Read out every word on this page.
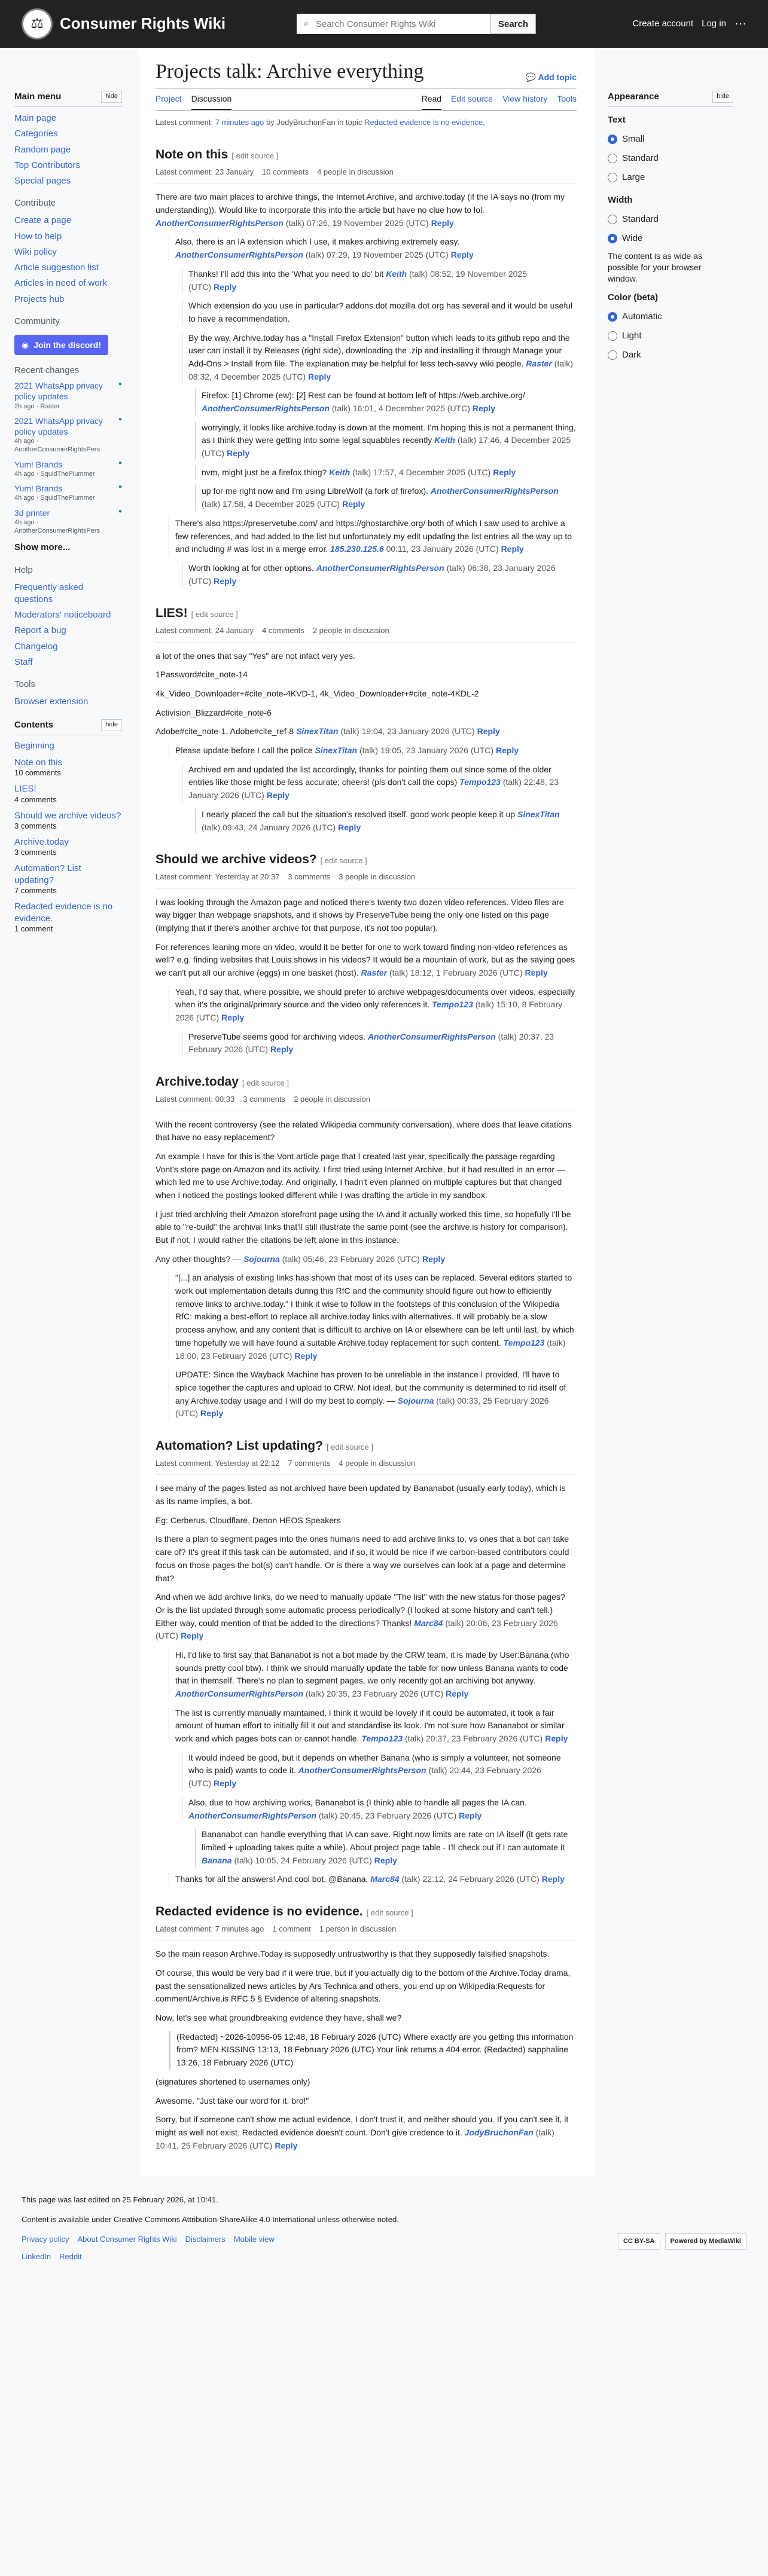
⚖	Consumer Rights Wiki	⌕
Search Consumer Rights Wiki	Search	Create account Log in ⋯
Main menu	hide
Main page
Categories
Random page
Top Contributors
Special pages
Contribute
Create a page
How to help
Wiki policy
Article suggestion list
Articles in need of work
Projects hub
Community
◉ Join the discord!
Recent changes
2021 WhatsApp privacy policy updates
2h ago · Raster
●
2021 WhatsApp privacy policy updates
4h ago · AnotherConsumerRightsPers
●
Yum! Brands
4h ago · SquidThePlummer
●
Yum! Brands
4h ago · SquidThePlummer
●
3d printer
4h ago · AnotherConsumerRightsPers
●
Show more...
Help
Frequently asked questions
Moderators' noticeboard
Report a bug
Changelog
Staff
Tools
Browser extension
Contents	hide
Beginning
Note on this
10 comments
LIES!
4 comments
Should we archive videos?
3 comments
Archive.today
3 comments
Automation? List updating?
7 comments
Redacted evidence is no evidence.
1 comment
Projects talk: Archive everything	💬 Add topic
Project Discussion	Read Edit source View history Tools
Latest comment: 7 minutes ago by JodyBruchonFan in topic Redacted evidence is no evidence.
Note on this [ edit source ]
Latest comment: 23 January 10 comments 4 people in discussion
There are two main places to archive things, the Internet Archive, and archive.today (if the IA says no (from my understanding)). Would like to incorporate this into the article but have no clue how to lol. AnotherConsumerRightsPerson (talk) 07:26, 19 November 2025 (UTC) Reply
Also, there is an IA extension which I use, it makes archiving extremely easy. AnotherConsumerRightsPerson (talk) 07:29, 19 November 2025 (UTC) Reply
Thanks! I'll add this into the 'What you need to do' bit Keith (talk) 08:52, 19 November 2025 (UTC) Reply
Which extension do you use in particular? addons dot mozilla dot org has several and it would be useful to have a recommendation.
By the way, Archive.today has a "Install Firefox Extension" button which leads to its github repo and the user can install it by Releases (right side), downloading the .zip and installing it through Manage your Add-Ons > Install from file. The explanation may be helpful for less tech-savvy wiki people. Raster (talk) 08:32, 4 December 2025 (UTC) Reply
Firefox: [1] Chrome (ew): [2] Rest can be found at bottom left of https://web.archive.org/ AnotherConsumerRightsPerson (talk) 16:01, 4 December 2025 (UTC) Reply
worryingly, it looks like archive.today is down at the moment. I'm hoping this is not a permanent thing, as I think they were getting into some legal squabbles recently Keith (talk) 17:46, 4 December 2025 (UTC) Reply
nvm, might just be a firefox thing? Keith (talk) 17:57, 4 December 2025 (UTC) Reply
up for me right now and I'm using LibreWolf (a fork of firefox). AnotherConsumerRightsPerson (talk) 17:58, 4 December 2025 (UTC) Reply
There's also https://preservetube.com/ and https://ghostarchive.org/ both of which I saw used to archive a few references, and had added to the list but unfortunately my edit updating the list entries all the way up to and including # was lost in a merge error. 185.230.125.6 00:11, 23 January 2026 (UTC) Reply
Worth looking at for other options. AnotherConsumerRightsPerson (talk) 06:38, 23 January 2026 (UTC) Reply
LIES! [ edit source ]
Latest comment: 24 January 4 comments 2 people in discussion
a lot of the ones that say "Yes" are not infact very yes.
1Password#cite_note-14
4k_Video_Downloader+#cite_note-4KVD-1, 4k_Video_Downloader+#cite_note-4KDL-2
Activision_Blizzard#cite_note-6
Adobe#cite_note-1, Adobe#cite_ref-8 SinexTitan (talk) 19:04, 23 January 2026 (UTC) Reply
Please update before I call the police SinexTitan (talk) 19:05, 23 January 2026 (UTC) Reply
Archived em and updated the list accordingly, thanks for pointing them out since some of the older entries like those might be less accurate; cheers! (pls don't call the cops) Tempo123 (talk) 22:48, 23 January 2026 (UTC) Reply
I nearly placed the call but the situation's resolved itself. good work people keep it up SinexTitan (talk) 09:43, 24 January 2026 (UTC) Reply
Should we archive videos? [ edit source ]
Latest comment: Yesterday at 20:37 3 comments 3 people in discussion
I was looking through the Amazon page and noticed there's twenty two dozen video references. Video files are way bigger than webpage snapshots, and it shows by PreserveTube being the only one listed on this page (implying that if there's another archive for that purpose, it's not too popular).
For references leaning more on video, would it be better for one to work toward finding non-video references as well? e.g. finding websites that Louis shows in his videos? It would be a mountain of work, but as the saying goes we can't put all our archive (eggs) in one basket (host). Raster (talk) 18:12, 1 February 2026 (UTC) Reply
Yeah, I'd say that, where possible, we should prefer to archive webpages/documents over videos, especially when it's the original/primary source and the video only references it. Tempo123 (talk) 15:10, 8 February 2026 (UTC) Reply
PreserveTube seems good for archiving videos. AnotherConsumerRightsPerson (talk) 20:37, 23 February 2026 (UTC) Reply
Archive.today [ edit source ]
Latest comment: 00:33 3 comments 2 people in discussion
With the recent controversy (see the related Wikipedia community conversation), where does that leave citations that have no easy replacement?
An example I have for this is the Vont article page that I created last year, specifically the passage regarding Vont's store page on Amazon and its activity. I first tried using Internet Archive, but it had resulted in an error — which led me to use Archive.today. And originally, I hadn't even planned on multiple captures but that changed when I noticed the postings looked different while I was drafting the article in my sandbox.
I just tried archiving their Amazon storefront page using the IA and it actually worked this time, so hopefully I'll be able to "re-build" the archival links that'll still illustrate the same point (see the archive.is history for comparison). But if not, I would rather the citations be left alone in this instance.
Any other thoughts? — Sojourna (talk) 05:46, 23 February 2026 (UTC) Reply
"[...] an analysis of existing links has shown that most of its uses can be replaced. Several editors started to work out implementation details during this RfC and the community should figure out how to efficiently remove links to archive.today." I think it wise to follow in the footsteps of this conclusion of the Wikipedia RfC: making a best-effort to replace all archive.today links with alternatives. It will probably be a slow process anyhow, and any content that is difficult to archive on IA or elsewhere can be left until last, by which time hopefully we will have found a suitable Archive.today replacement for such content. Tempo123 (talk) 18:00, 23 February 2026 (UTC) Reply
UPDATE: Since the Wayback Machine has proven to be unreliable in the instance I provided, I'll have to splice together the captures and upload to CRW. Not ideal, but the community is determined to rid itself of any Archive.today usage and I will do my best to comply. — Sojourna (talk) 00:33, 25 February 2026 (UTC) Reply
Automation? List updating? [ edit source ]
Latest comment: Yesterday at 22:12 7 comments 4 people in discussion
I see many of the pages listed as not archived have been updated by Bananabot (usually early today), which is as its name implies, a bot.
Eg: Cerberus, Cloudflare, Denon HEOS Speakers
Is there a plan to segment pages into the ones humans need to add archive links to, vs ones that a bot can take care of? It's great if this task can be automated, and if so, it would be nice if we carbon-based contributors could focus on those pages the bot(s) can't handle. Or is there a way we ourselves can look at a page and determine that?
And when we add archive links, do we need to manually update "The list" with the new status for those pages? Or is the list updated through some automatic process periodically? (I looked at some history and can't tell.) Either way, could mention of that be added to the directions? Thanks! Marc84 (talk) 20:06, 23 February 2026 (UTC) Reply
Hi, I'd like to first say that Bananabot is not a bot made by the CRW team, it is made by User:Banana (who sounds pretty cool btw). I think we should manually update the table for now unless Banana wants to code that in themself. There's no plan to segment pages, we only recently got an archiving bot anyway. AnotherConsumerRightsPerson (talk) 20:35, 23 February 2026 (UTC) Reply
The list is currently manually maintained, I think it would be lovely if it could be automated, it took a fair amount of human effort to initially fill it out and standardise its look. I'm not sure how Bananabot or similar work and which pages bots can or cannot handle. Tempo123 (talk) 20:37, 23 February 2026 (UTC) Reply
It would indeed be good, but it depends on whether Banana (who is simply a volunteer, not someone who is paid) wants to code it. AnotherConsumerRightsPerson (talk) 20:44, 23 February 2026 (UTC) Reply
Also, due to how archiving works, Bananabot is (I think) able to handle all pages the IA can. AnotherConsumerRightsPerson (talk) 20:45, 23 February 2026 (UTC) Reply
Bananabot can handle everything that IA can save. Right now limits are rate on IA itself (it gets rate limited + uploading takes quite a while). About project page table - I'll check out if I can automate it Banana (talk) 10:05, 24 February 2026 (UTC) Reply
Thanks for all the answers! And cool bot, @Banana. Marc84 (talk) 22:12, 24 February 2026 (UTC) Reply
Redacted evidence is no evidence. [ edit source ]
Latest comment: 7 minutes ago 1 comment 1 person in discussion
So the main reason Archive.Today is supposedly untrustworthy is that they supposedly falsified snapshots.
Of course, this would be very bad if it were true, but if you actually dig to the bottom of the Archive.Today drama, past the sensationalized news articles by Ars Technica and others, you end up on Wikipedia:Requests for comment/Archive.is RFC 5 § Evidence of altering snapshots.
Now, let's see what groundbreaking evidence they have, shall we?
(Redacted) ~2026-10956-05 12:48, 18 February 2026 (UTC) Where exactly are you getting this information from? MEN KISSING 13:13, 18 February 2026 (UTC) Your link returns a 404 error. (Redacted) sapphaline 13:26, 18 February 2026 (UTC)
(signatures shortened to usernames only)
Awesome. "Just take our word for it, bro!"
Sorry, but if someone can't show me actual evidence, I don't trust it, and neither should you. If you can't see it, it might as well not exist. Redacted evidence doesn't count. Don't give credence to it. JodyBruchonFan (talk) 10:41, 25 February 2026 (UTC) Reply
Appearance	hide
Text
Small
Standard
Large
Width
Standard
Wide
The content is as wide as possible for your browser window.
Color (beta)
Automatic
Light
Dark

This page was last edited on 25 February 2026, at 10:41.

Content is available under Creative Commons Attribution-ShareAlike 4.0 International unless otherwise noted.

Privacy policy About Consumer Rights Wiki Disclaimers Mobile view
LinkedIn Reddit
CC BY-SA	Powered by MediaWiki
